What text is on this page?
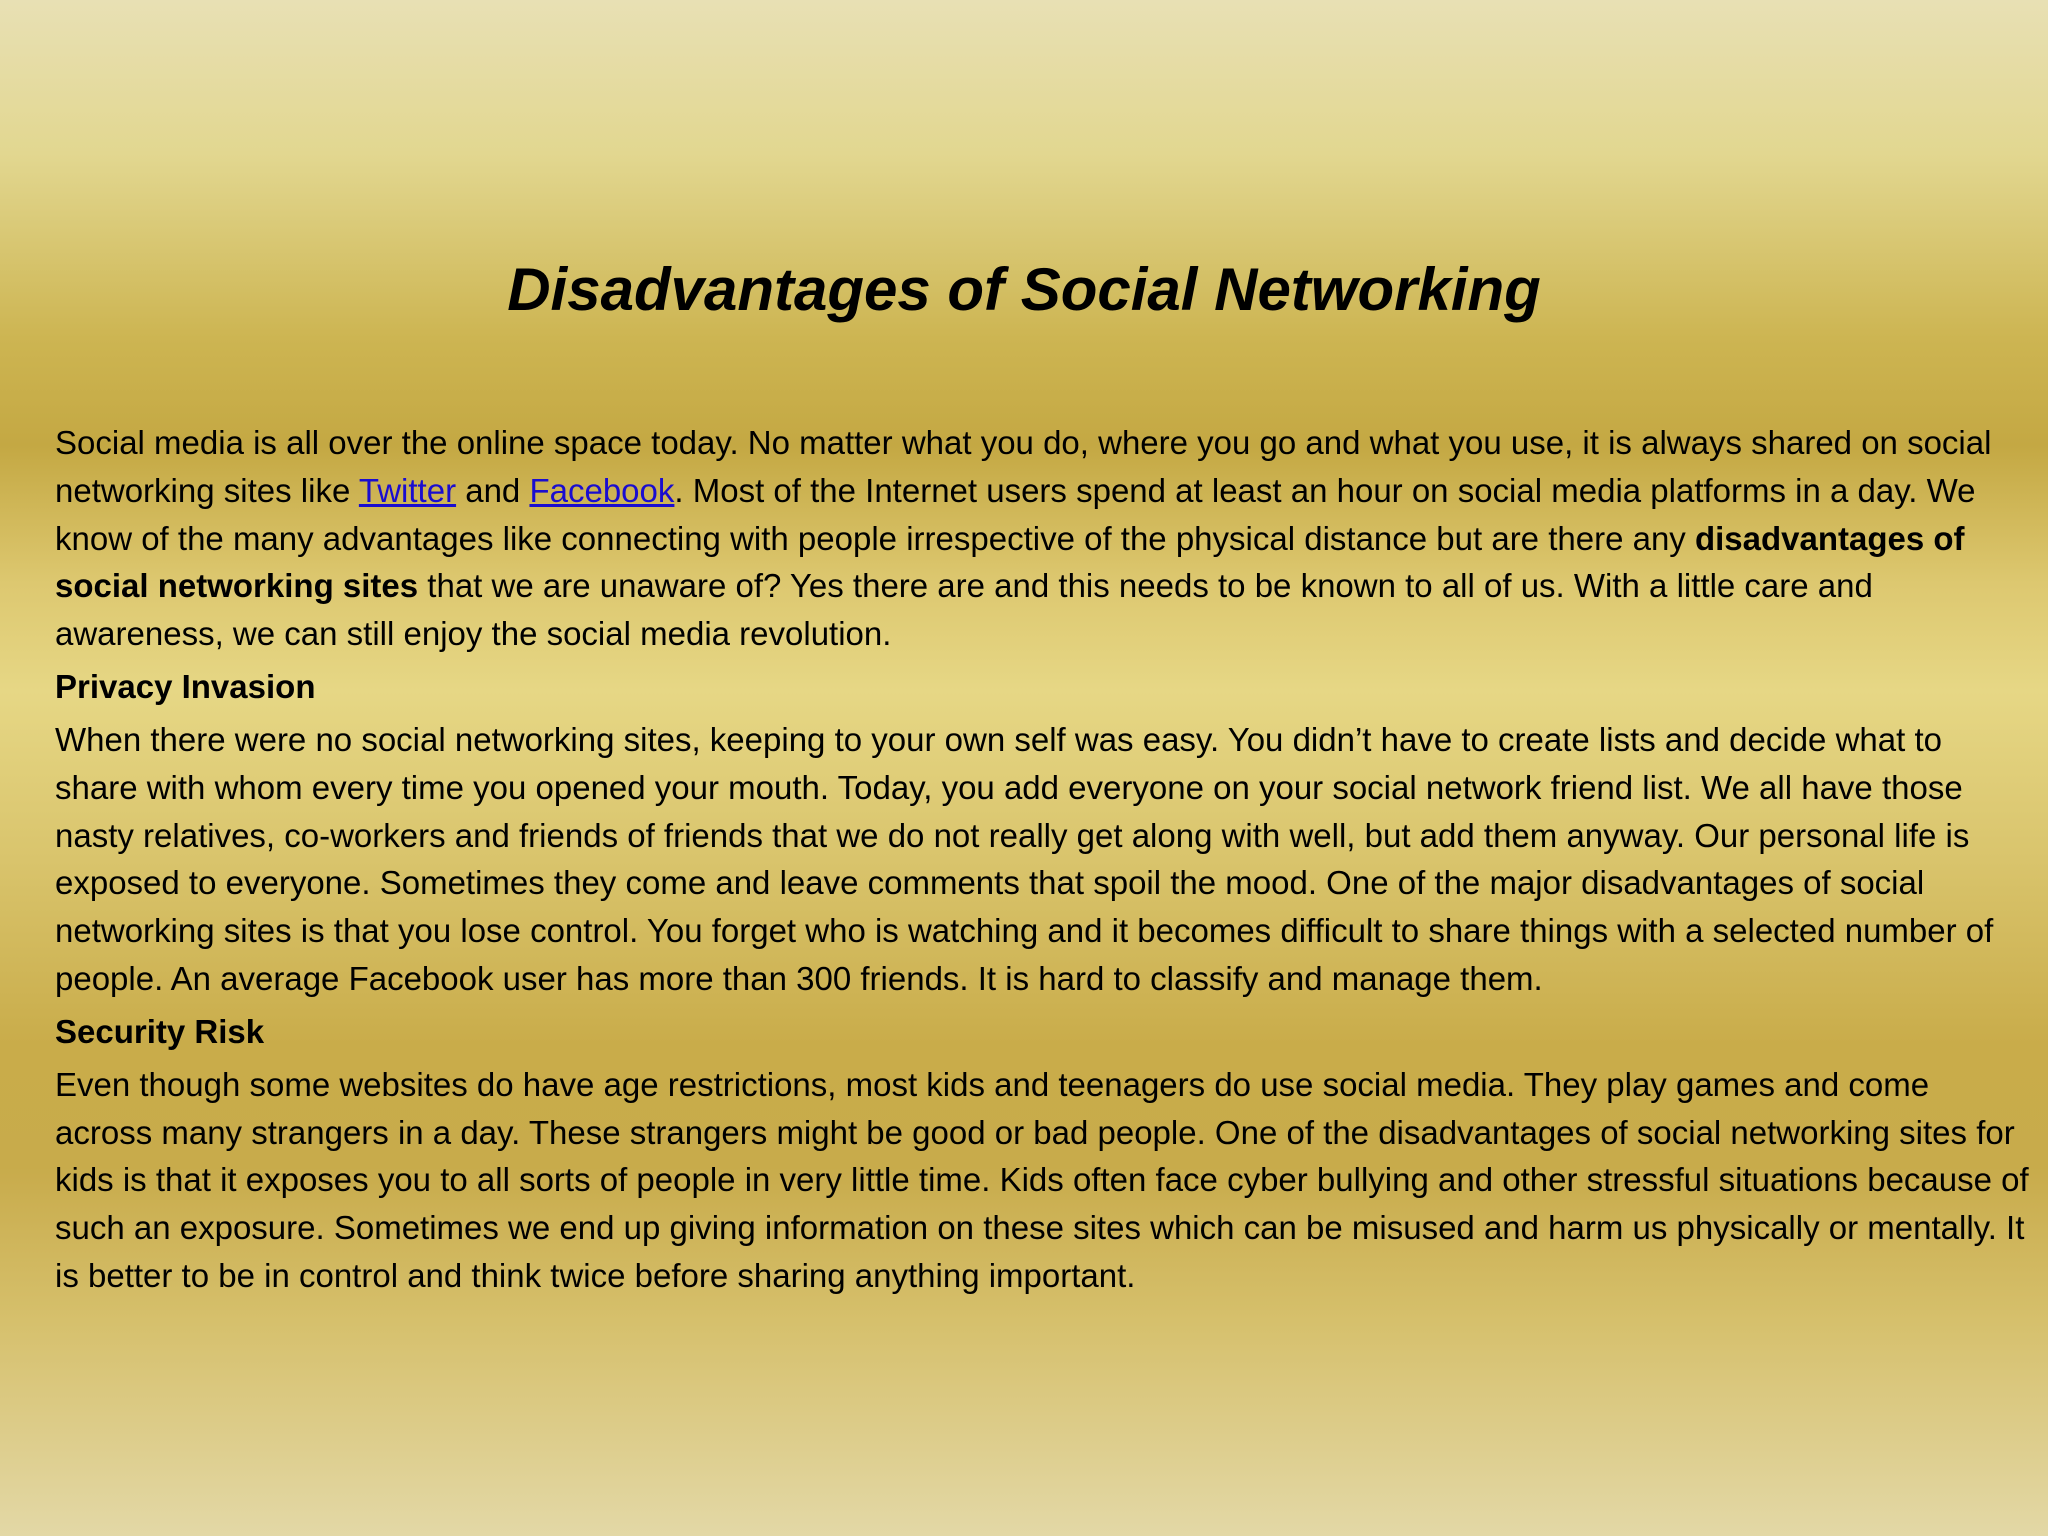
Disadvantages of Social Networking

Social media is all over the online space today. No matter what you do, where you go and what you use, it is always shared on social networking sites like Twitter and Facebook. Most of the Internet users spend at least an hour on social media platforms in a day. We know of the many advantages like connecting with people irrespective of the physical distance but are there any disadvantages of social networking sites that we are unaware of? Yes there are and this needs to be known to all of us. With a little care and awareness, we can still enjoy the social media revolution.

Privacy Invasion

When there were no social networking sites, keeping to your own self was easy. You didn’t have to create lists and decide what to share with whom every time you opened your mouth. Today, you add everyone on your social network friend list. We all have those nasty relatives, co-workers and friends of friends that we do not really get along with well, but add them anyway. Our personal life is exposed to everyone. Sometimes they come and leave comments that spoil the mood. One of the major disadvantages of social networking sites is that you lose control. You forget who is watching and it becomes difficult to share things with a selected number of people. An average Facebook user has more than 300 friends. It is hard to classify and manage them.

Security Risk

Even though some websites do have age restrictions, most kids and teenagers do use social media. They play games and come across many strangers in a day. These strangers might be good or bad people. One of the disadvantages of social networking sites for kids is that it exposes you to all sorts of people in very little time. Kids often face cyber bullying and other stressful situations because of such an exposure. Sometimes we end up giving information on these sites which can be misused and harm us physically or mentally. It is better to be in control and think twice before sharing anything important.
